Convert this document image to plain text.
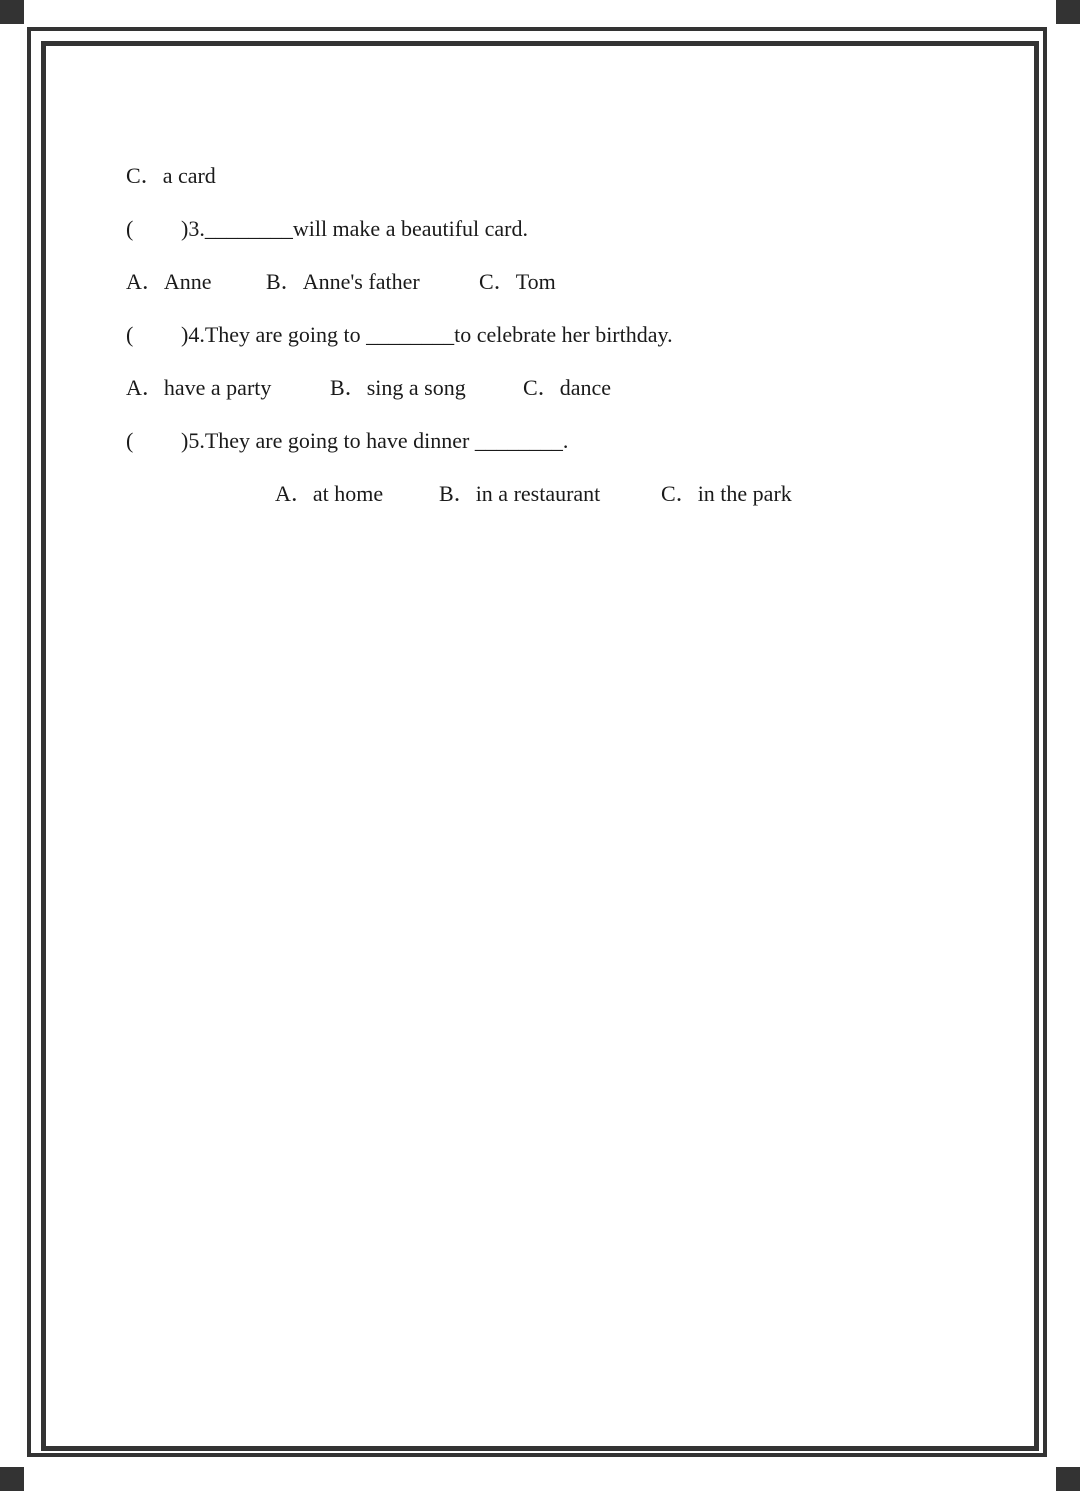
C．a card
( )3.________will make a beautiful card.
A．Anne B．Anne's father	C．Tom
( )4.They are going to ________to celebrate her birthday.
A．have a party	B．sing a song	C．dance
( )5.They are going to have dinner ________.
A．at home	B．in a restaurant	C．in the park
